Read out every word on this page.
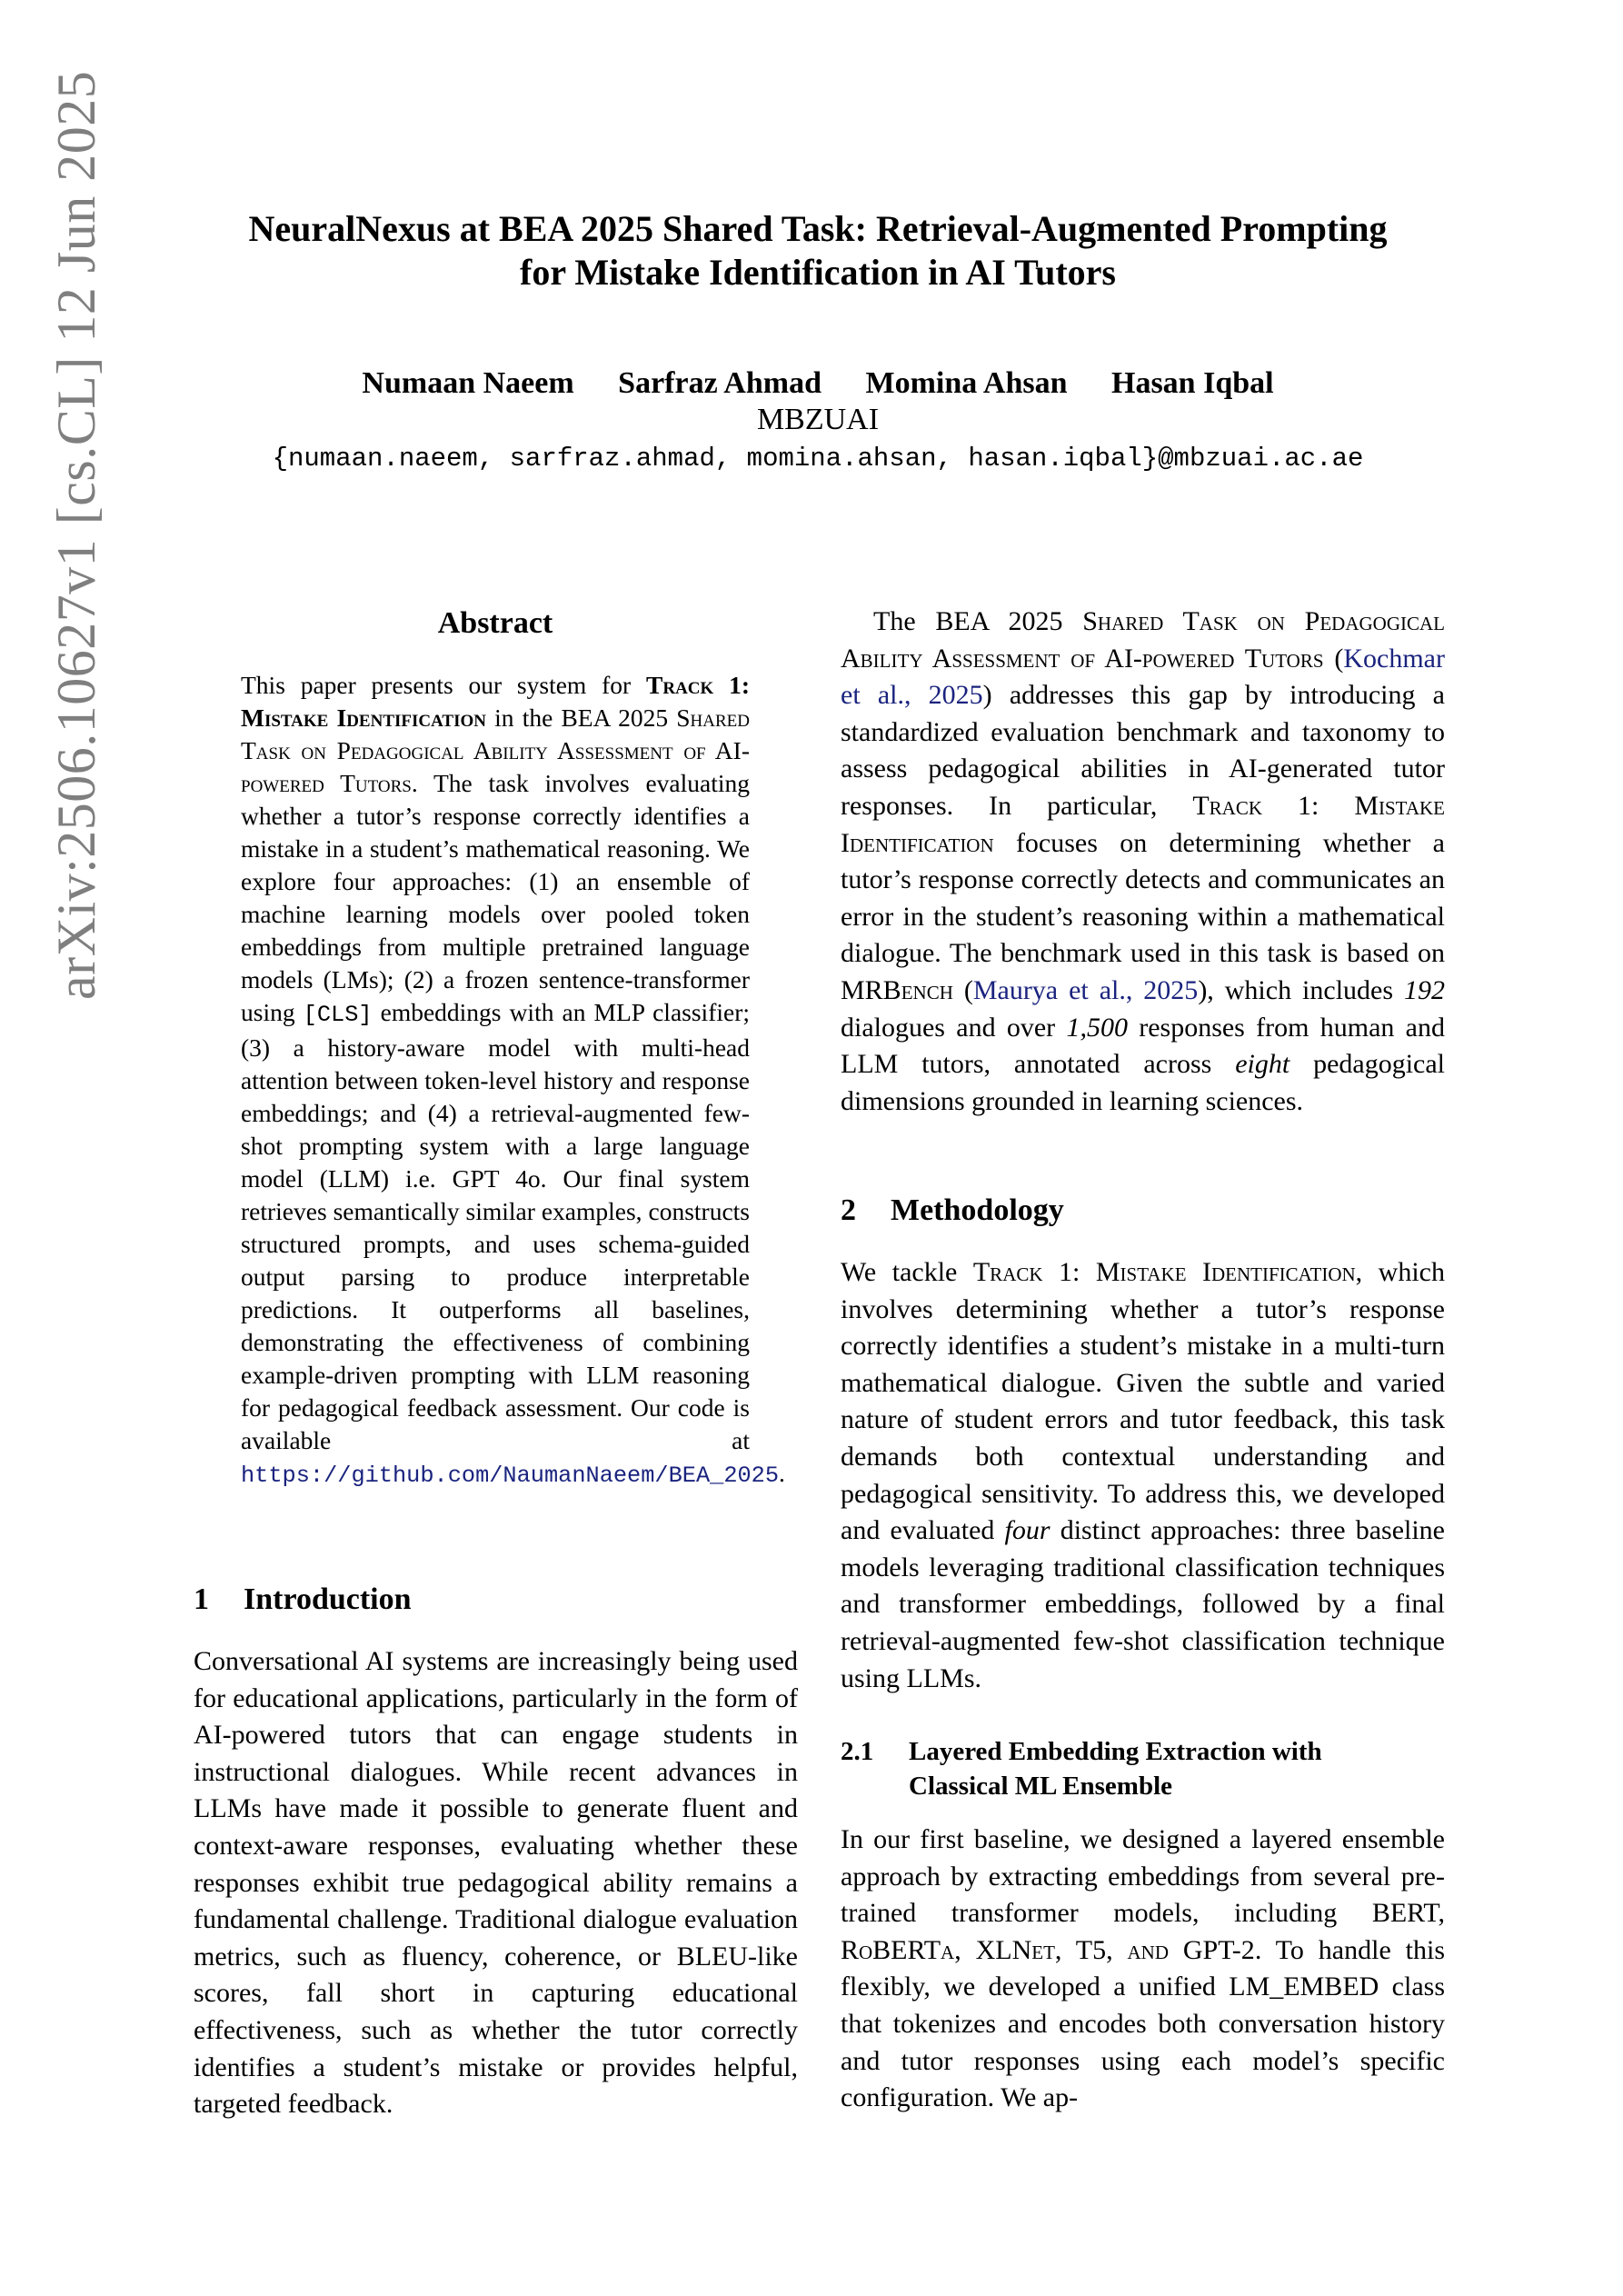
arXiv:2506.10627v1 [cs.CL] 12 Jun 2025	NeuralNexus at BEA 2025 Shared Task: Retrieval-Augmented Prompting
for Mistake Identification in AI Tutors
Numaan Naeem Sarfraz Ahmad Momina Ahsan Hasan Iqbal
MBZUAI
{numaan.naeem, sarfraz.ahmad, momina.ahsan, hasan.iqbal}@mbzuai.ac.ae
Abstract
This paper presents our system for Track 1: Mistake Identification in the BEA 2025 Shared Task on Pedagogical Ability Assessment of AI-powered Tutors. The task involves evaluating whether a tutor’s response correctly identifies a mistake in a student’s mathematical reasoning. We explore four approaches: (1) an ensemble of machine learning models over pooled token embeddings from multiple pretrained language models (LMs); (2) a frozen sentence-transformer using [CLS] embeddings with an MLP classifier; (3) a history-aware model with multi-head attention between token-level history and response embeddings; and (4) a retrieval-augmented few-shot prompting system with a large language model (LLM) i.e. GPT 4o. Our final system retrieves semantically similar examples, constructs structured prompts, and uses schema-guided output parsing to produce interpretable predictions. It outperforms all baselines, demonstrating the effectiveness of combining example-driven prompting with LLM reasoning for pedagogical feedback assessment. Our code is available at https://github.com/NaumanNaeem/BEA_2025.
1 Introduction
Conversational AI systems are increasingly being used for educational applications, particularly in the form of AI-powered tutors that can engage students in instructional dialogues. While recent advances in LLMs have made it possible to generate fluent and context-aware responses, evaluating whether these responses exhibit true pedagogical ability remains a fundamental challenge. Traditional dialogue evaluation metrics, such as fluency, coherence, or BLEU-like scores, fall short in capturing educational effectiveness, such as whether the tutor correctly identifies a student’s mistake or provides helpful, targeted feedback.
The BEA 2025 Shared Task on Pedagogical Ability Assessment of AI-powered Tutors (Kochmar et al., 2025) addresses this gap by introducing a standardized evaluation benchmark and taxonomy to assess pedagogical abilities in AI-generated tutor responses. In particular, Track 1: Mistake Identification focuses on determining whether a tutor’s response correctly detects and communicates an error in the student’s reasoning within a mathematical dialogue. The benchmark used in this task is based on MRBench (Maurya et al., 2025), which includes 192 dialogues and over 1,500 responses from human and LLM tutors, annotated across eight pedagogical dimensions grounded in learning sciences.
2 Methodology
We tackle Track 1: Mistake Identification, which involves determining whether a tutor’s response correctly identifies a student’s mistake in a multi-turn mathematical dialogue. Given the subtle and varied nature of student errors and tutor feedback, this task demands both contextual understanding and pedagogical sensitivity. To address this, we developed and evaluated four distinct approaches: three baseline models leveraging traditional classification techniques and transformer embeddings, followed by a final retrieval-augmented few-shot classification technique using LLMs.
2.1 Layered Embedding Extraction with
Classical ML Ensemble
In our first baseline, we designed a layered ensemble approach by extracting embeddings from several pre-trained transformer models, including BERT, RoBERTa, XLNet, T5, and GPT-2. To handle this flexibly, we developed a unified LM_EMBED class that tokenizes and encodes both conversation history and tutor responses using each model’s specific configuration. We ap-
